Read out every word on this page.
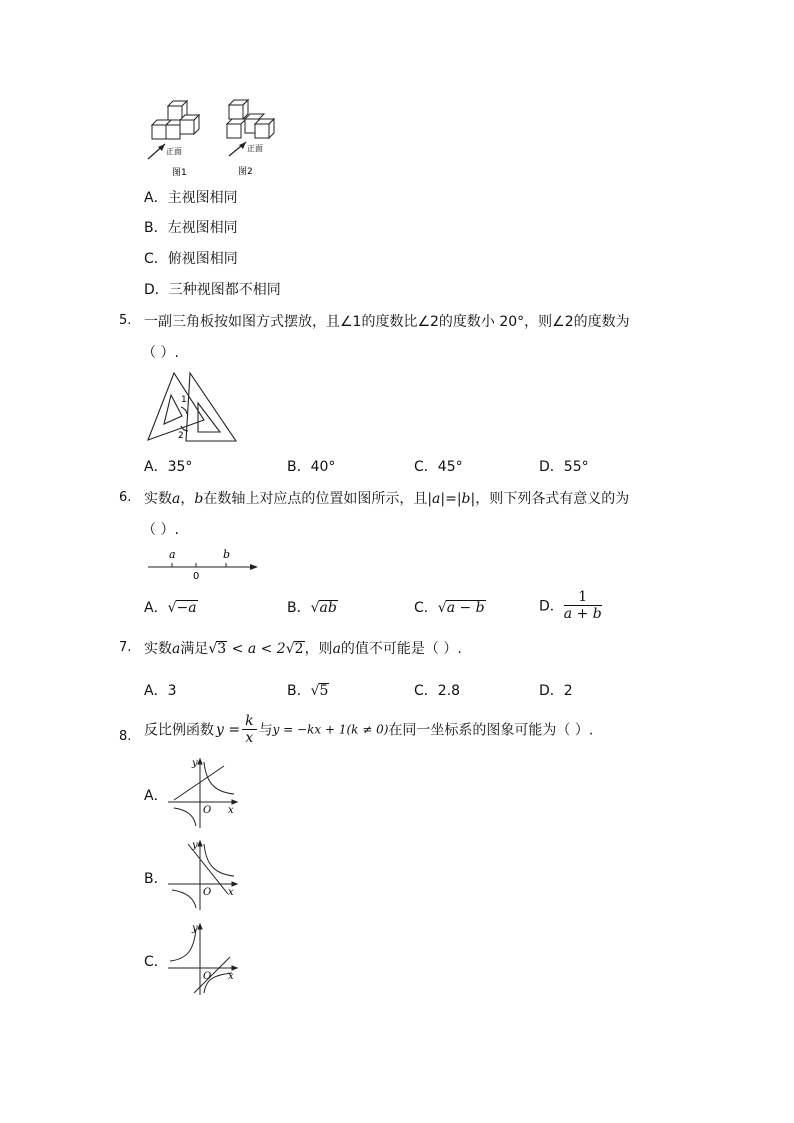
正面
图1
正面
图2
A．主视图相同
B．左视图相同
C．俯视图相同
D．三种视图都不相同
5. 一副三角板按如图方式摆放，且∠1的度数比∠2的度数小 20°，则∠2的度数为
（ ）.
1
2
A．35°	B．40°	C．45°	D．55°
6. 实数a，b在数轴上对应点的位置如图所示，且|a|=|b|，则下列各式有意义的为
（ ）.
a	b
0
A．√−a	B．√ab	C．√a − b	D． $\frac{1}{a + b}$
7. 实数a满足√3 < a < 2√2，则a的值不可能是（ ）.
A．3	B．√5	C．2.8	D．2
8. 反比例函数 $y = \frac{k}{x}$ 与y = −kx + 1(k ≠ 0)在同一坐标系的图象可能为（ ）.
A．
y
x
O
B．
y
x
O
C．
y
x
O
